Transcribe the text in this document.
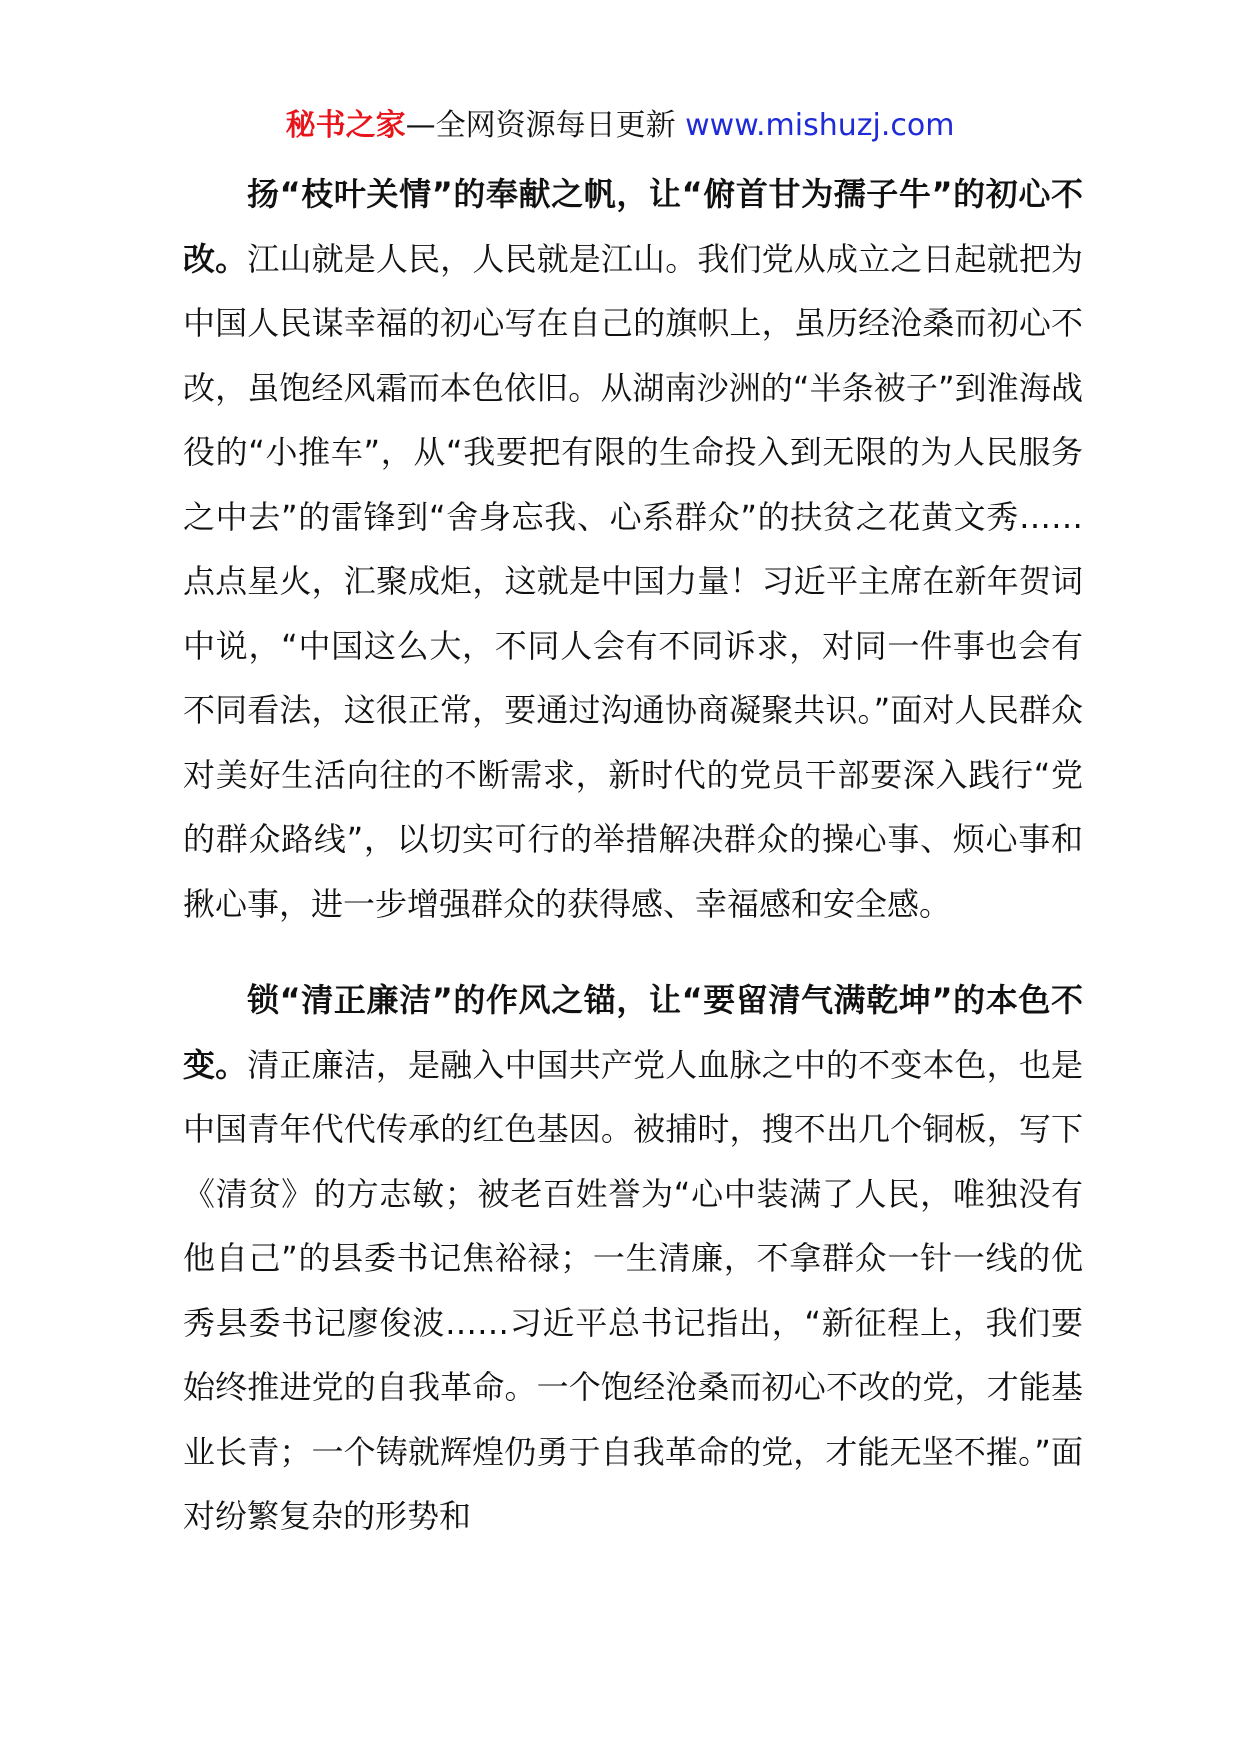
秘书之家—全网资源每日更新 www.mishuzj.com

扬“枝叶关情”的奉献之帆，让“俯首甘为孺子牛”的初心不改。江山就是人民，人民就是江山。我们党从成立之日起就把为中国人民谋幸福的初心写在自己的旗帜上，虽历经沧桑而初心不改，虽饱经风霜而本色依旧。从湖南沙洲的“半条被子”到淮海战役的“小推车”，从“我要把有限的生命投入到无限的为人民服务之中去”的雷锋到“舍身忘我、心系群众”的扶贫之花黄文秀……点点星火，汇聚成炬，这就是中国力量！习近平主席在新年贺词中说，“中国这么大，不同人会有不同诉求，对同一件事也会有不同看法，这很正常，要通过沟通协商凝聚共识。”面对人民群众对美好生活向往的不断需求，新时代的党员干部要深入践行“党的群众路线”，以切实可行的举措解决群众的操心事、烦心事和揪心事，进一步增强群众的获得感、幸福感和安全感。

锁“清正廉洁”的作风之锚，让“要留清气满乾坤”的本色不变。清正廉洁，是融入中国共产党人血脉之中的不变本色，也是中国青年代代传承的红色基因。被捕时，搜不出几个铜板，写下《清贫》的方志敏；被老百姓誉为“心中装满了人民，唯独没有他自己”的县委书记焦裕禄；一生清廉，不拿群众一针一线的优秀县委书记廖俊波……习近平总书记指出，“新征程上，我们要始终推进党的自我革命。一个饱经沧桑而初心不改的党，才能基业长青；一个铸就辉煌仍勇于自我革命的党，才能无坚不摧。”面对纷繁复杂的形势和
